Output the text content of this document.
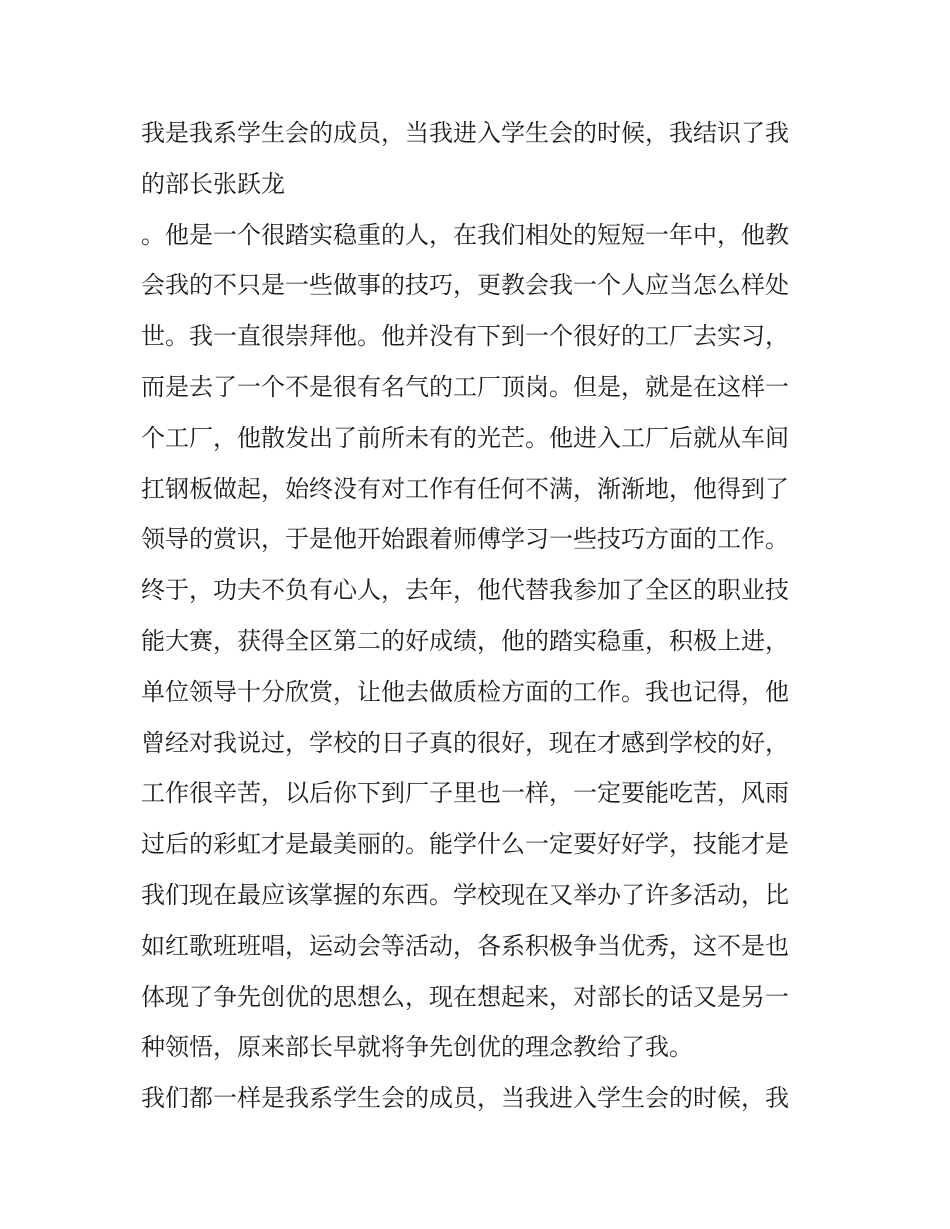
我是我系学生会的成员，当我进入学生会的时候，我结识了我
的部长张跃龙
。他是一个很踏实稳重的人，在我们相处的短短一年中，他教
会我的不只是一些做事的技巧，更教会我一个人应当怎么样处
世。我一直很崇拜他。他并没有下到一个很好的工厂去实习，
而是去了一个不是很有名气的工厂顶岗。但是，就是在这样一
个工厂，他散发出了前所未有的光芒。他进入工厂后就从车间
扛钢板做起，始终没有对工作有任何不满，渐渐地，他得到了
领导的赏识，于是他开始跟着师傅学习一些技巧方面的工作。
终于，功夫不负有心人，去年，他代替我参加了全区的职业技
能大赛，获得全区第二的好成绩，他的踏实稳重，积极上进，
单位领导十分欣赏，让他去做质检方面的工作。我也记得，他
曾经对我说过，学校的日子真的很好，现在才感到学校的好，
工作很辛苦，以后你下到厂子里也一样，一定要能吃苦，风雨
过后的彩虹才是最美丽的。能学什么一定要好好学，技能才是
我们现在最应该掌握的东西。学校现在又举办了许多活动，比
如红歌班班唱，运动会等活动，各系积极争当优秀，这不是也
体现了争先创优的思想么，现在想起来，对部长的话又是另一
种领悟，原来部长早就将争先创优的理念教给了我。
我们都一样是我系学生会的成员，当我进入学生会的时候，我
